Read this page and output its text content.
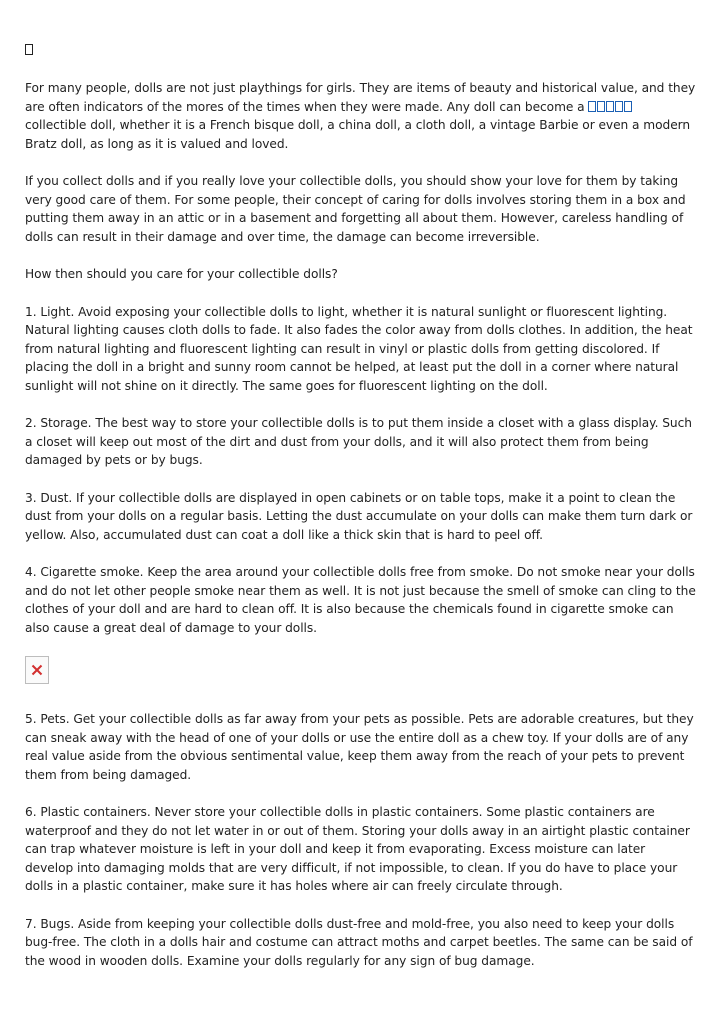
For many people, dolls are not just playthings for girls. They are items of beauty and historical value, and they are often indicators of the mores of the times when they were made. Any doll can become a
collectible doll, whether it is a French bisque doll, a china doll, a cloth doll, a vintage Barbie or even a modern Bratz doll, as long as it is valued and loved.

If you collect dolls and if you really love your collectible dolls, you should show your love for them by taking very good care of them. For some people, their concept of caring for dolls involves storing them in a box and putting them away in an attic or in a basement and forgetting all about them. However, careless handling of dolls can result in their damage and over time, the damage can become irreversible.

How then should you care for your collectible dolls?

1. Light. Avoid exposing your collectible dolls to light, whether it is natural sunlight or fluorescent lighting. Natural lighting causes cloth dolls to fade. It also fades the color away from dolls clothes. In addition, the heat from natural lighting and fluorescent lighting can result in vinyl or plastic dolls from getting discolored. If placing the doll in a bright and sunny room cannot be helped, at least put the doll in a corner where natural sunlight will not shine on it directly. The same goes for fluorescent lighting on the doll.

2. Storage. The best way to store your collectible dolls is to put them inside a closet with a glass display. Such a closet will keep out most of the dirt and dust from your dolls, and it will also protect them from being damaged by pets or by bugs.

3. Dust. If your collectible dolls are displayed in open cabinets or on table tops, make it a point to clean the dust from your dolls on a regular basis. Letting the dust accumulate on your dolls can make them turn dark or yellow. Also, accumulated dust can coat a doll like a thick skin that is hard to peel off.

4. Cigarette smoke. Keep the area around your collectible dolls free from smoke. Do not smoke near your dolls and do not let other people smoke near them as well. It is not just because the smell of smoke can cling to the clothes of your doll and are hard to clean off. It is also because the chemicals found in cigarette smoke can also cause a great deal of damage to your dolls.

5. Pets. Get your collectible dolls as far away from your pets as possible. Pets are adorable creatures, but they can sneak away with the head of one of your dolls or use the entire doll as a chew toy. If your dolls are of any real value aside from the obvious sentimental value, keep them away from the reach of your pets to prevent them from being damaged.

6. Plastic containers. Never store your collectible dolls in plastic containers. Some plastic containers are waterproof and they do not let water in or out of them. Storing your dolls away in an airtight plastic container can trap whatever moisture is left in your doll and keep it from evaporating. Excess moisture can later develop into damaging molds that are very difficult, if not impossible, to clean. If you do have to place your dolls in a plastic container, make sure it has holes where air can freely circulate through.

7. Bugs. Aside from keeping your collectible dolls dust-free and mold-free, you also need to keep your dolls bug-free. The cloth in a dolls hair and costume can attract moths and carpet beetles. The same can be said of the wood in wooden dolls. Examine your dolls regularly for any sign of bug damage.
